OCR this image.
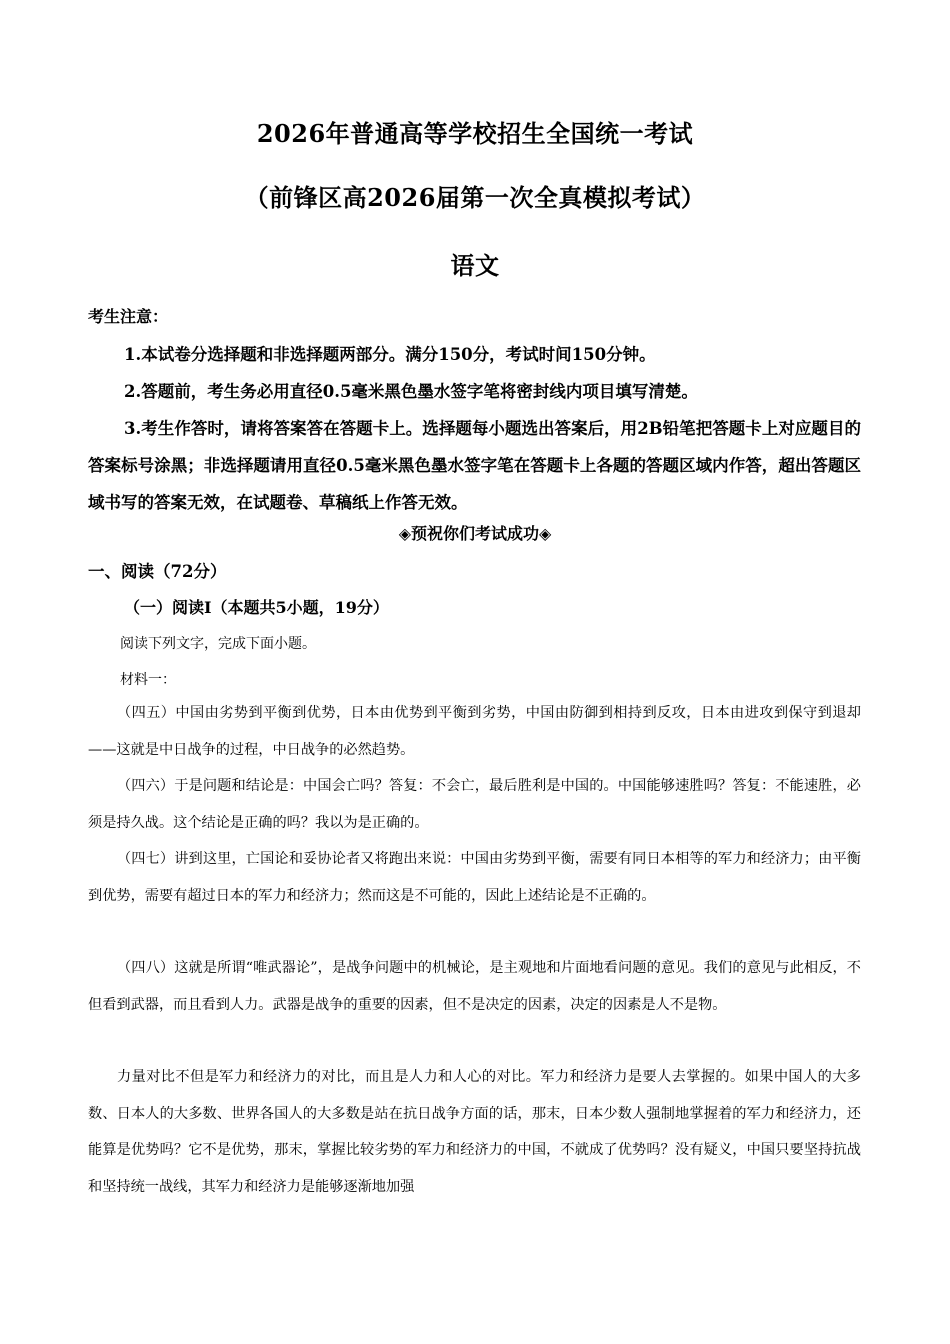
2026年普通高等学校招生全国统一考试
（前锋区高2026届第一次全真模拟考试）
语文
考生注意：
1.本试卷分选择题和非选择题两部分。满分150分，考试时间150分钟。
2.答题前，考生务必用直径0.5毫米黑色墨水签字笔将密封线内项目填写清楚。
3.考生作答时，请将答案答在答题卡上。选择题每小题选出答案后，用2B铅笔把答题卡上对应题目的答案标号涂黑；非选择题请用直径0.5毫米黑色墨水签字笔在答题卡上各题的答题区域内作答，超出答题区域书写的答案无效，在试题卷、草稿纸上作答无效。
◈预祝你们考试成功◈
一、阅读（72分）
（一）阅读I（本题共5小题，19分）
阅读下列文字，完成下面小题。
材料一：
（四五）中国由劣势到平衡到优势，日本由优势到平衡到劣势，中国由防御到相持到反攻，日本由进攻到保守到退却——这就是中日战争的过程，中日战争的必然趋势。
（四六）于是问题和结论是：中国会亡吗？答复：不会亡，最后胜利是中国的。中国能够速胜吗？答复：不能速胜，必须是持久战。这个结论是正确的吗？我以为是正确的。
（四七）讲到这里，亡国论和妥协论者又将跑出来说：中国由劣势到平衡，需要有同日本相等的军力和经济力；由平衡到优势，需要有超过日本的军力和经济力；然而这是不可能的，因此上述结论是不正确的。
（四八）这就是所谓“唯武器论”，是战争问题中的机械论，是主观地和片面地看问题的意见。我们的意见与此相反，不但看到武器，而且看到人力。武器是战争的重要的因素，但不是决定的因素，决定的因素是人不是物。
力量对比不但是军力和经济力的对比，而且是人力和人心的对比。军力和经济力是要人去掌握的。如果中国人的大多数、日本人的大多数、世界各国人的大多数是站在抗日战争方面的话，那末，日本少数人强制地掌握着的军力和经济力，还能算是优势吗？它不是优势，那末，掌握比较劣势的军力和经济力的中国，不就成了优势吗？没有疑义，中国只要坚持抗战和坚持统一战线，其军力和经济力是能够逐渐地加强
